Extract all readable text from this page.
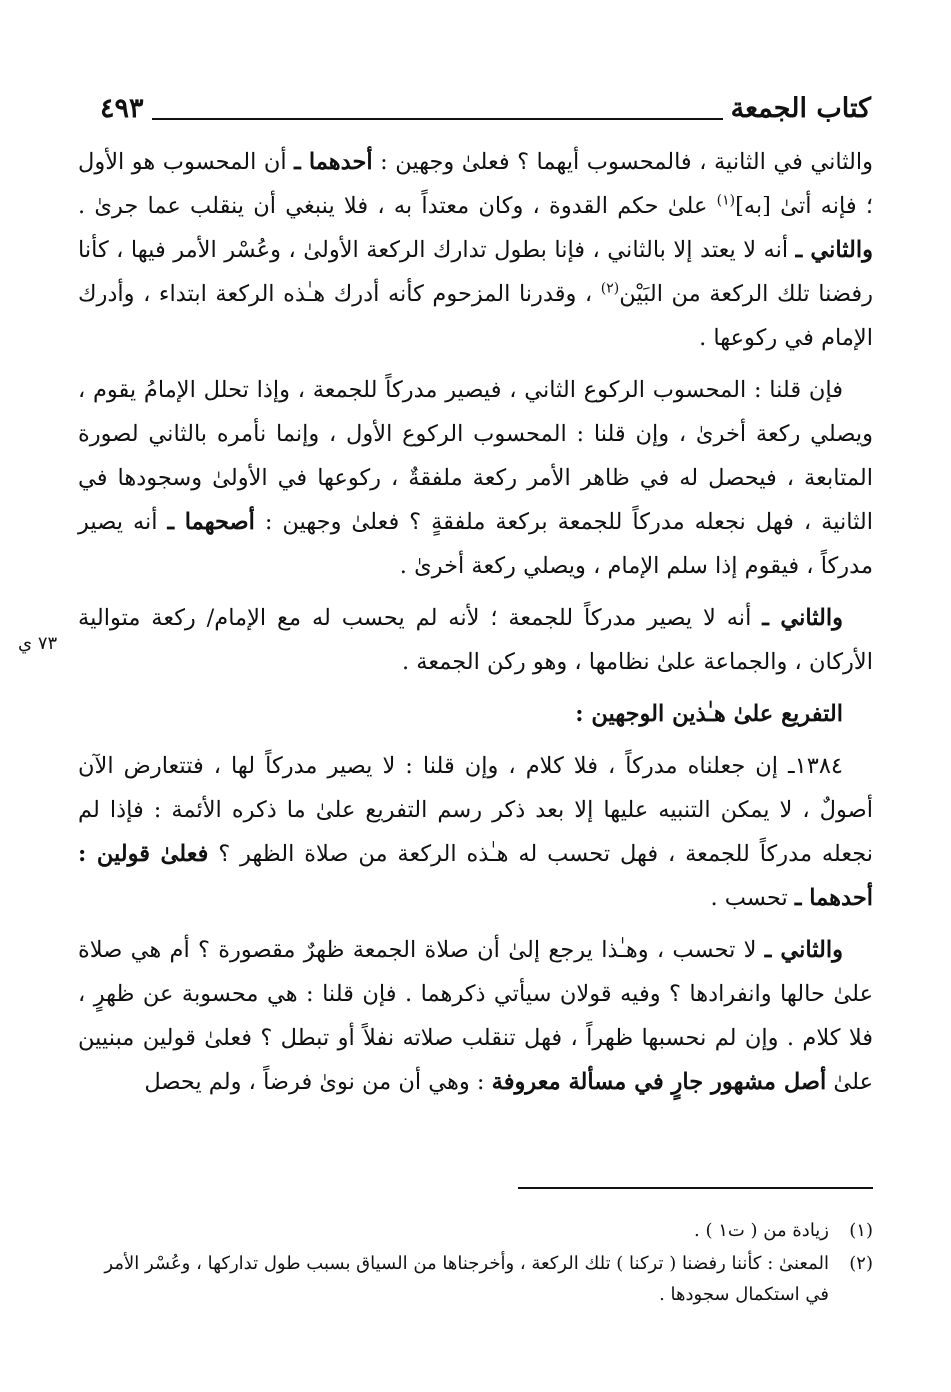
كتاب الجمعة
٤٩٣

والثاني في الثانية ، فالمحسوب أيهما ؟ فعلىٰ وجهين : أحدهما ـ أن المحسوب هو الأول ؛ فإنه أتىٰ [به]$^{(١)}$ علىٰ حكم القدوة ، وكان معتداً به ، فلا ينبغي أن ينقلب عما جرىٰ . والثاني ـ أنه لا يعتد إلا بالثاني ، فإنا بطول تدارك الركعة الأولىٰ ، وعُسْر الأمر فيها ، كأنا رفضنا تلك الركعة من البَيْن$^{(٢)}$ ، وقدرنا المزحوم كأنه أدرك هـٰذه الركعة ابتداء ، وأدرك الإمام في ركوعها .

فإن قلنا : المحسوب الركوع الثاني ، فيصير مدركاً للجمعة ، وإذا تحلل الإمامُ يقوم ، ويصلي ركعة أخرىٰ ، وإن قلنا : المحسوب الركوع الأول ، وإنما نأمره بالثاني لصورة المتابعة ، فيحصل له في ظاهر الأمر ركعة ملفقةٌ ، ركوعها في الأولىٰ وسجودها في الثانية ، فهل نجعله مدركاً للجمعة بركعة ملفقةٍ ؟ فعلىٰ وجهين : أصحهما ـ أنه يصير مدركاً ، فيقوم إذا سلم الإمام ، ويصلي ركعة أخرىٰ .

والثاني ـ أنه لا يصير مدركاً للجمعة ؛ لأنه لم يحسب له مع الإمام/ ركعة متوالية الأركان ، والجماعة علىٰ نظامها ، وهو ركن الجمعة .

التفريع علىٰ هـٰذين الوجهين :

١٣٨٤ـ إن جعلناه مدركاً ، فلا كلام ، وإن قلنا : لا يصير مدركاً لها ، فتتعارض الآن أصولٌ ، لا يمكن التنبيه عليها إلا بعد ذكر رسم التفريع علىٰ ما ذكره الأئمة : فإذا لم نجعله مدركاً للجمعة ، فهل تحسب له هـٰذه الركعة من صلاة الظهر ؟ فعلىٰ قولين : أحدهما ـ تحسب .

والثاني ـ لا تحسب ، وهـٰذا يرجع إلىٰ أن صلاة الجمعة ظهرٌ مقصورة ؟ أم هي صلاة علىٰ حالها وانفرادها ؟ وفيه قولان سيأتي ذكرهما . فإن قلنا : هي محسوبة عن ظهرٍ ، فلا كلام . وإن لم نحسبها ظهراً ، فهل تنقلب صلاته نفلاً أو تبطل ؟ فعلىٰ قولين مبنيين علىٰ أصل مشهور جارٍ في مسألة معروفة : وهي أن من نوىٰ فرضاً ، ولم يحصل

٧٣ ي
(١)
زيادة من ( ت١ ) .
(٢)
المعنىٰ : كأننا رفضنا ( تركنا ) تلك الركعة ، وأخرجناها من السياق بسبب طول تداركها ، وعُسْر الأمر في استكمال سجودها .
